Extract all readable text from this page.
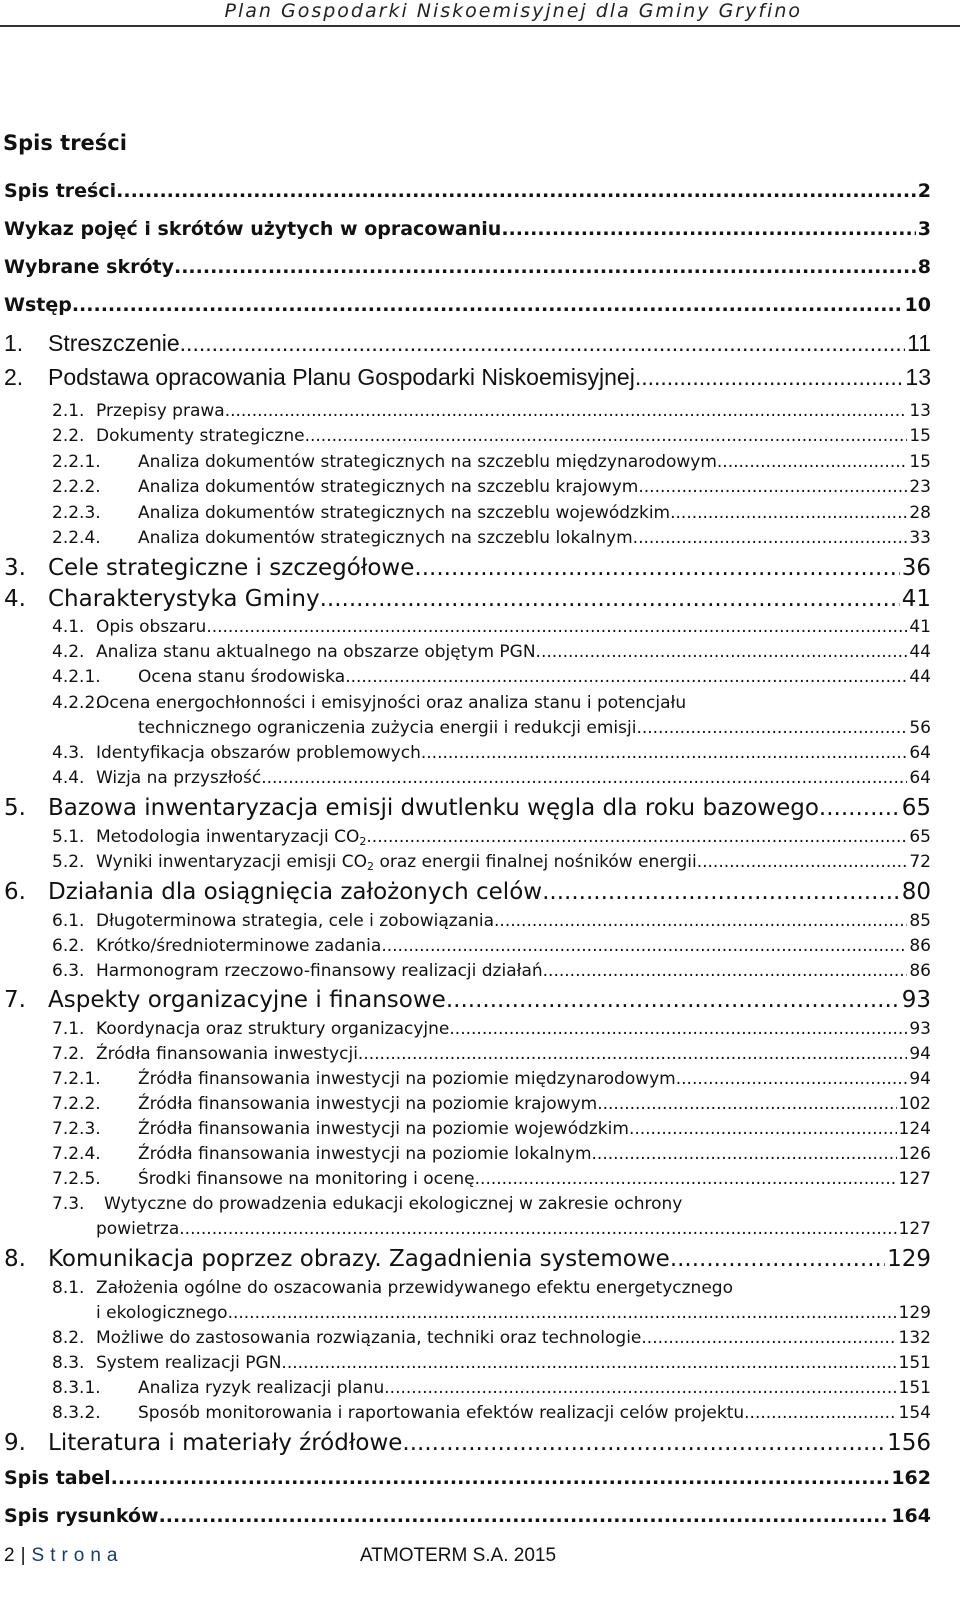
Plan Gospodarki Niskoemisyjnej dla Gminy Gryfino
Spis treści
Spis treści .....	2
Wykaz pojęć i skrótów użytych w opracowaniu .....	3
Wybrane skróty .....	8
Wstęp .....	10
1.	Streszczenie .....	11
2.	Podstawa opracowania Planu Gospodarki Niskoemisyjnej .....	13
2.1. Przepisy prawa .....	13
2.2. Dokumenty strategiczne .....	15
2.2.1.	Analiza dokumentów strategicznych na szczeblu międzynarodowym .....	15
2.2.2.	Analiza dokumentów strategicznych na szczeblu krajowym .....	23
2.2.3.	Analiza dokumentów strategicznych na szczeblu wojewódzkim .....	28
2.2.4.	Analiza dokumentów strategicznych na szczeblu lokalnym .....	33
3. Cele strategiczne i szczegółowe .....	36
4. Charakterystyka Gminy .....	41
4.1. Opis obszaru .....	41
4.2. Analiza stanu aktualnego na obszarze objętym PGN .....	44
4.2.1.	Ocena stanu środowiska .....	44
4.2.2.
Ocena energochłonności i emisyjności oraz analiza stanu i potencjału
technicznego ograniczenia zużycia energii i redukcji emisji .....	56
4.3. Identyfikacja obszarów problemowych .....	64
4.4. Wizja na przyszłość .....	64
5. Bazowa inwentaryzacja emisji dwutlenku węgla dla roku bazowego .....	65
5.1. Metodologia inwentaryzacji $CO_2$ .....	65
5.2. Wyniki inwentaryzacji emisji $CO_2$ oraz energii finalnej nośników energii .....	72
6. Działania dla osiągnięcia założonych celów .....	80
6.1. Długoterminowa strategia, cele i zobowiązania .....	85
6.2. Krótko/średnioterminowe zadania .....	86
6.3. Harmonogram rzeczowo-finansowy realizacji działań .....	86
7. Aspekty organizacyjne i finansowe .....	93
7.1. Koordynacja oraz struktury organizacyjne .....	93
7.2. Źródła finansowania inwestycji .....	94
7.2.1.	Źródła finansowania inwestycji na poziomie międzynarodowym. .....	94
7.2.2.	Źródła finansowania inwestycji na poziomie krajowym .....	102
7.2.3.	Źródła finansowania inwestycji na poziomie wojewódzkim .....	124
7.2.4.	Źródła finansowania inwestycji na poziomie lokalnym .....	126
7.2.5.	Środki finansowe na monitoring i ocenę .....	127
7.3.	Wytyczne do prowadzenia edukacji ekologicznej w zakresie ochrony
powietrza .....	127
8. Komunikacja poprzez obrazy. Zagadnienia systemowe .....	129
8.1. Założenia ogólne do oszacowania przewidywanego efektu energetycznego
i ekologicznego .....	129
8.2. Możliwe do zastosowania rozwiązania, techniki oraz technologie .....	132
8.3. System realizacji PGN .....	151
8.3.1.	Analiza ryzyk realizacji planu .....	151
8.3.2.	Sposób monitorowania i raportowania efektów realizacji celów projektu .....	154
9. Literatura i materiały źródłowe .....	156
Spis tabel .....	162
Spis rysunków .....	164
2 | Strona	ATMOTERM S.A. 2015
